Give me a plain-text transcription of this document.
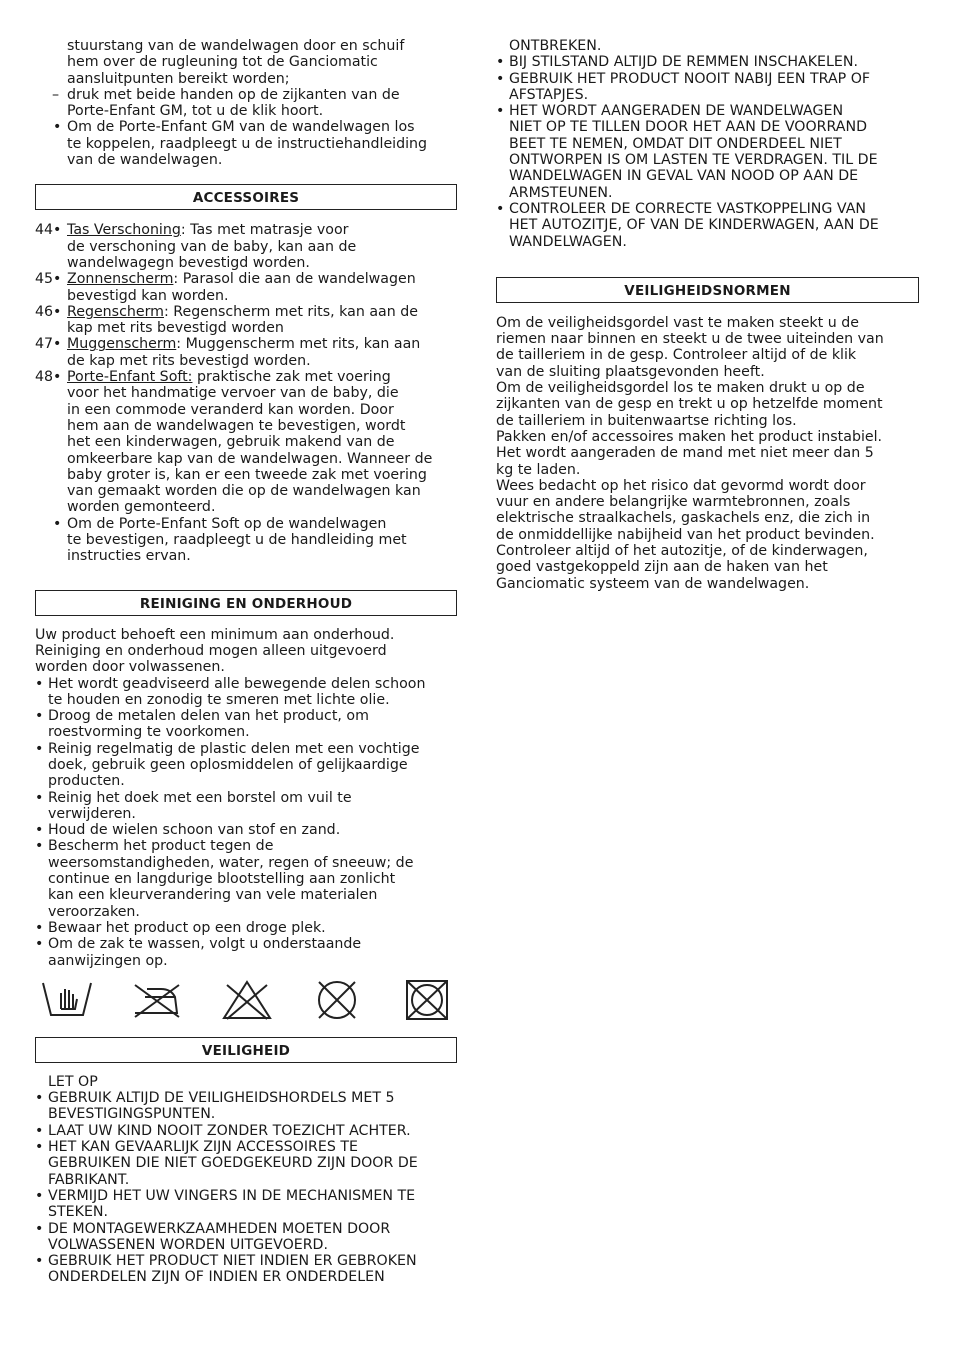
stuurstang van de wandelwagen door en schuif
hem over de rugleuning tot de Ganciomatic
aansluitpunten bereikt worden;
– druk met beide handen op de zijkanten van de
Porte-Enfant GM, tot u de klik hoort.
• Om de Porte-Enfant GM van de wandelwagen los
te koppelen, raadpleegt u de instructiehandleiding
van de wandelwagen.
ACCESSOIRES
44• Tas Verschoning: Tas met matrasje voor
de verschoning van de baby, kan aan de
wandelwagegn bevestigd worden.
45• Zonnenscherm: Parasol die aan de wandelwagen
bevestigd kan worden.
46• Regenscherm: Regenscherm met rits, kan aan de
kap met rits bevestigd worden
47• Muggenscherm: Muggenscherm met rits, kan aan
de kap met rits bevestigd worden.
48• Porte-Enfant Soft: praktische zak met voering
voor het handmatige vervoer van de baby, die
in een commode veranderd kan worden. Door
hem aan de wandelwagen te bevestigen, wordt
het een kinderwagen, gebruik makend van de
omkeerbare kap van de wandelwagen. Wanneer de
baby groter is, kan er een tweede zak met voering
van gemaakt worden die op de wandelwagen kan
worden gemonteerd.
• Om de Porte-Enfant Soft op de wandelwagen
te bevestigen, raadpleegt u de handleiding met
instructies ervan.
REINIGING EN ONDERHOUD
Uw product behoeft een minimum aan onderhoud.
Reiniging en onderhoud mogen alleen uitgevoerd
worden door volwassenen.
• Het wordt geadviseerd alle bewegende delen schoon
te houden en zonodig te smeren met lichte olie.
• Droog de metalen delen van het product, om
roestvorming te voorkomen.
• Reinig regelmatig de plastic delen met een vochtige
doek, gebruik geen oplosmiddelen of gelijkaardige
producten.
• Reinig het doek met een borstel om vuil te
verwijderen.
• Houd de wielen schoon van stof en zand.
• Bescherm het product tegen de
weersomstandigheden, water, regen of sneeuw; de
continue en langdurige blootstelling aan zonlicht
kan een kleurverandering van vele materialen
veroorzaken.
• Bewaar het product op een droge plek.
• Om de zak te wassen, volgt u onderstaande
aanwijzingen op.
VEILIGHEID
LET OP
• GEBRUIK ALTIJD DE VEILIGHEIDSHORDELS MET 5
BEVESTIGINGSPUNTEN.
• LAAT UW KIND NOOIT ZONDER TOEZICHT ACHTER.
• HET KAN GEVAARLIJK ZIJN ACCESSOIRES TE
GEBRUIKEN DIE NIET GOEDGEKEURD ZIJN DOOR DE
FABRIKANT.
• VERMIJD HET UW VINGERS IN DE MECHANISMEN TE
STEKEN.
• DE MONTAGEWERKZAAMHEDEN MOETEN DOOR
VOLWASSENEN WORDEN UITGEVOERD.
• GEBRUIK HET PRODUCT NIET INDIEN ER GEBROKEN
ONDERDELEN ZIJN OF INDIEN ER ONDERDELEN
ONTBREKEN.
• BIJ STILSTAND ALTIJD DE REMMEN INSCHAKELEN.
• GEBRUIK HET PRODUCT NOOIT NABIJ EEN TRAP OF
AFSTAPJES.
• HET WORDT AANGERADEN DE WANDELWAGEN
NIET OP TE TILLEN DOOR HET AAN DE VOORRAND
BEET TE NEMEN, OMDAT DIT ONDERDEEL NIET
ONTWORPEN IS OM LASTEN TE VERDRAGEN. TIL DE
WANDELWAGEN IN GEVAL VAN NOOD OP AAN DE
ARMSTEUNEN.
• CONTROLEER DE CORRECTE VASTKOPPELING VAN
HET AUTOZITJE, OF VAN DE KINDERWAGEN, AAN DE
WANDELWAGEN.
VEILIGHEIDSNORMEN
Om de veiligheidsgordel vast te maken steekt u de
riemen naar binnen en steekt u de twee uiteinden van
de tailleriem in de gesp. Controleer altijd of de klik
van de sluiting plaatsgevonden heeft.
Om de veiligheidsgordel los te maken drukt u op de
zijkanten van de gesp en trekt u op hetzelfde moment
de tailleriem in buitenwaartse richting los.
Pakken en/of accessoires maken het product instabiel.
Het wordt aangeraden de mand met niet meer dan 5
kg te laden.
Wees bedacht op het risico dat gevormd wordt door
vuur en andere belangrijke warmtebronnen, zoals
elektrische straalkachels, gaskachels enz, die zich in
de onmiddellijke nabijheid van het product bevinden.
Controleer altijd of het autozitje, of de kinderwagen,
goed vastgekoppeld zijn aan de haken van het
Ganciomatic systeem van de wandelwagen.
